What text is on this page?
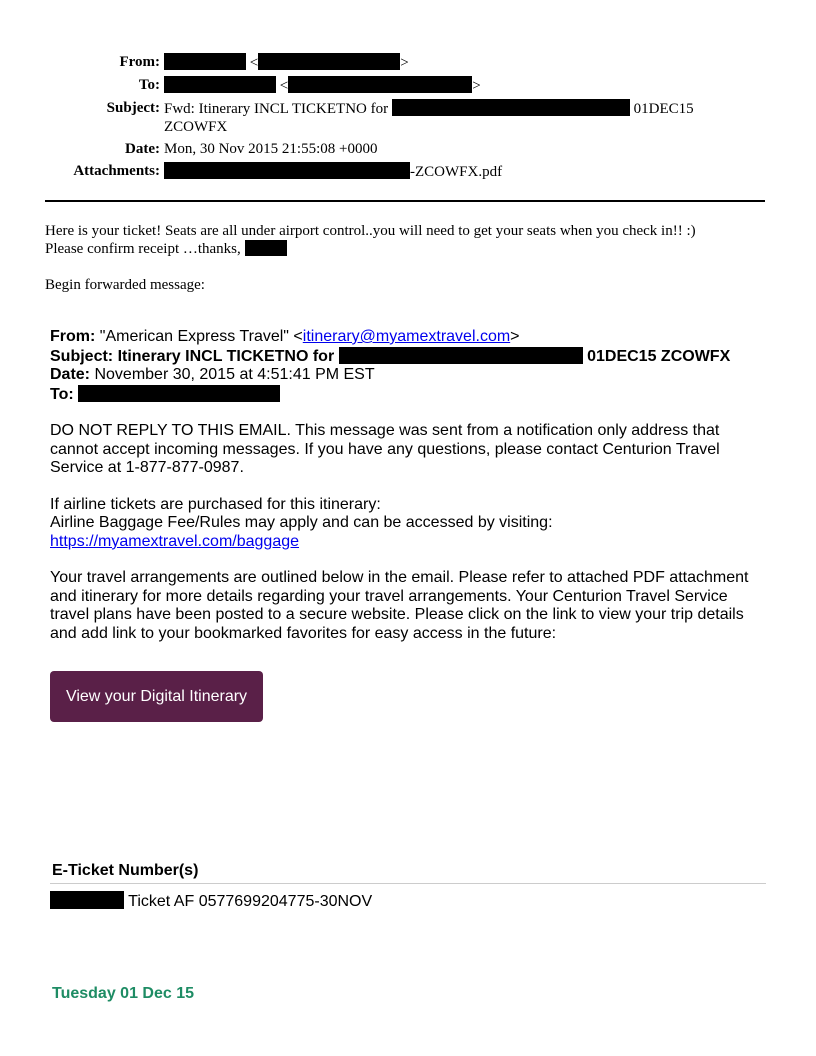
From:	<	>
To:	<	>
Subject: Fwd: Itinerary INCL TICKETNO for	01DEC15
ZCOWFX
Date: Mon, 30 Nov 2015 21:55:08 +0000
Attachments:	-ZCOWFX.pdf

Here is your ticket! Seats are all under airport control..you will need to get your seats when you check in!! :)

Please confirm receipt …thanks,

Begin forwarded message:

From: "American Express Travel" <itinerary@myamextravel.com>

Subject: Itinerary INCL TICKETNO for	01DEC15 ZCOWFX

Date: November 30, 2015 at 4:51:41 PM EST

To:

DO NOT REPLY TO THIS EMAIL. This message was sent from a notification only address that cannot accept incoming messages. If you have any questions, please contact Centurion Travel Service at 1-877-877-0987.

If airline tickets are purchased for this itinerary:

Airline Baggage Fee/Rules may apply and can be accessed by visiting:

https://myamextravel.com/baggage

Your travel arrangements are outlined below in the email. Please refer to attached PDF attachment and itinerary for more details regarding your travel arrangements. Your Centurion Travel Service travel plans have been posted to a secure website. Please click on the link to view your trip details and add link to your bookmarked favorites for easy access in the future:

View your Digital Itinerary
E-Ticket Number(s)
Ticket AF 0577699204775-30NOV
Tuesday 01 Dec 15
